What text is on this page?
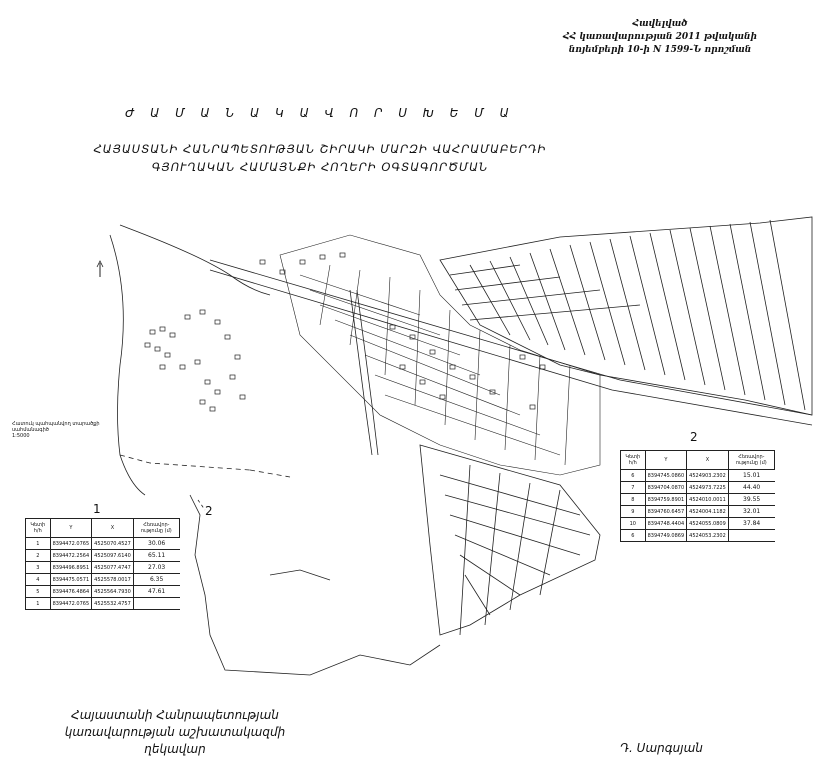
Հավելված
ՀՀ կառավարության 2011 թվականի
նոյեմբերի 10-ի N 1599-Ն որոշման
Ժ Ա Մ Ա Ն Ա Կ Ա Վ Ո Ր Ս Խ Ե Մ Ա
ՀԱՅԱՍՏԱՆԻ ՀԱՆՐԱՊԵՏՈՒԹՅԱՆ ՇԻՐԱԿԻ ՄԱՐԶԻ ՎԱՀՐԱՄԱԲԵՐԴԻ
ԳՅՈՒՂԱԿԱՆ ՀԱՄԱՅՆՔԻ ՀՈՂԵՐԻ ՕԳՏԱԳՈՐԾՄԱՆ
2
Հատուկ պահպանվող տարածքի
սահմանագիծ
1:5000
1
Կետի հ/հ	Y	X	Հեռավոր-ությունը (մ)
1	8394472.0765	4525070.4527	30.06
2	8394472.2564	4525097.6140	65.11
3	8394496.8951	4525077.4747	27.03
4	8394475.0571	4525578.0017	6.35
5	8394476.4864	4525564.7930	47.61
1	8394472.0765	4525532.4757	
2
Կետի հ/հ	Y	X	Հեռավոր-ությունը (մ)
6	8394745.0860	4524903.2302	15.01
7	8394704.0870	4524973.7225	44.40
8	8394759.8901	4524010.0011	39.55
9	8394760.6457	4524004.1182	32.01
10	8394748.4404	4524055.0809	37.84
6	8394749.0869	4524053.2302	
Հայաստանի Հանրապետության
կառավարության աշխատակազմի
ղեկավար	Դ. Սարգսյան
